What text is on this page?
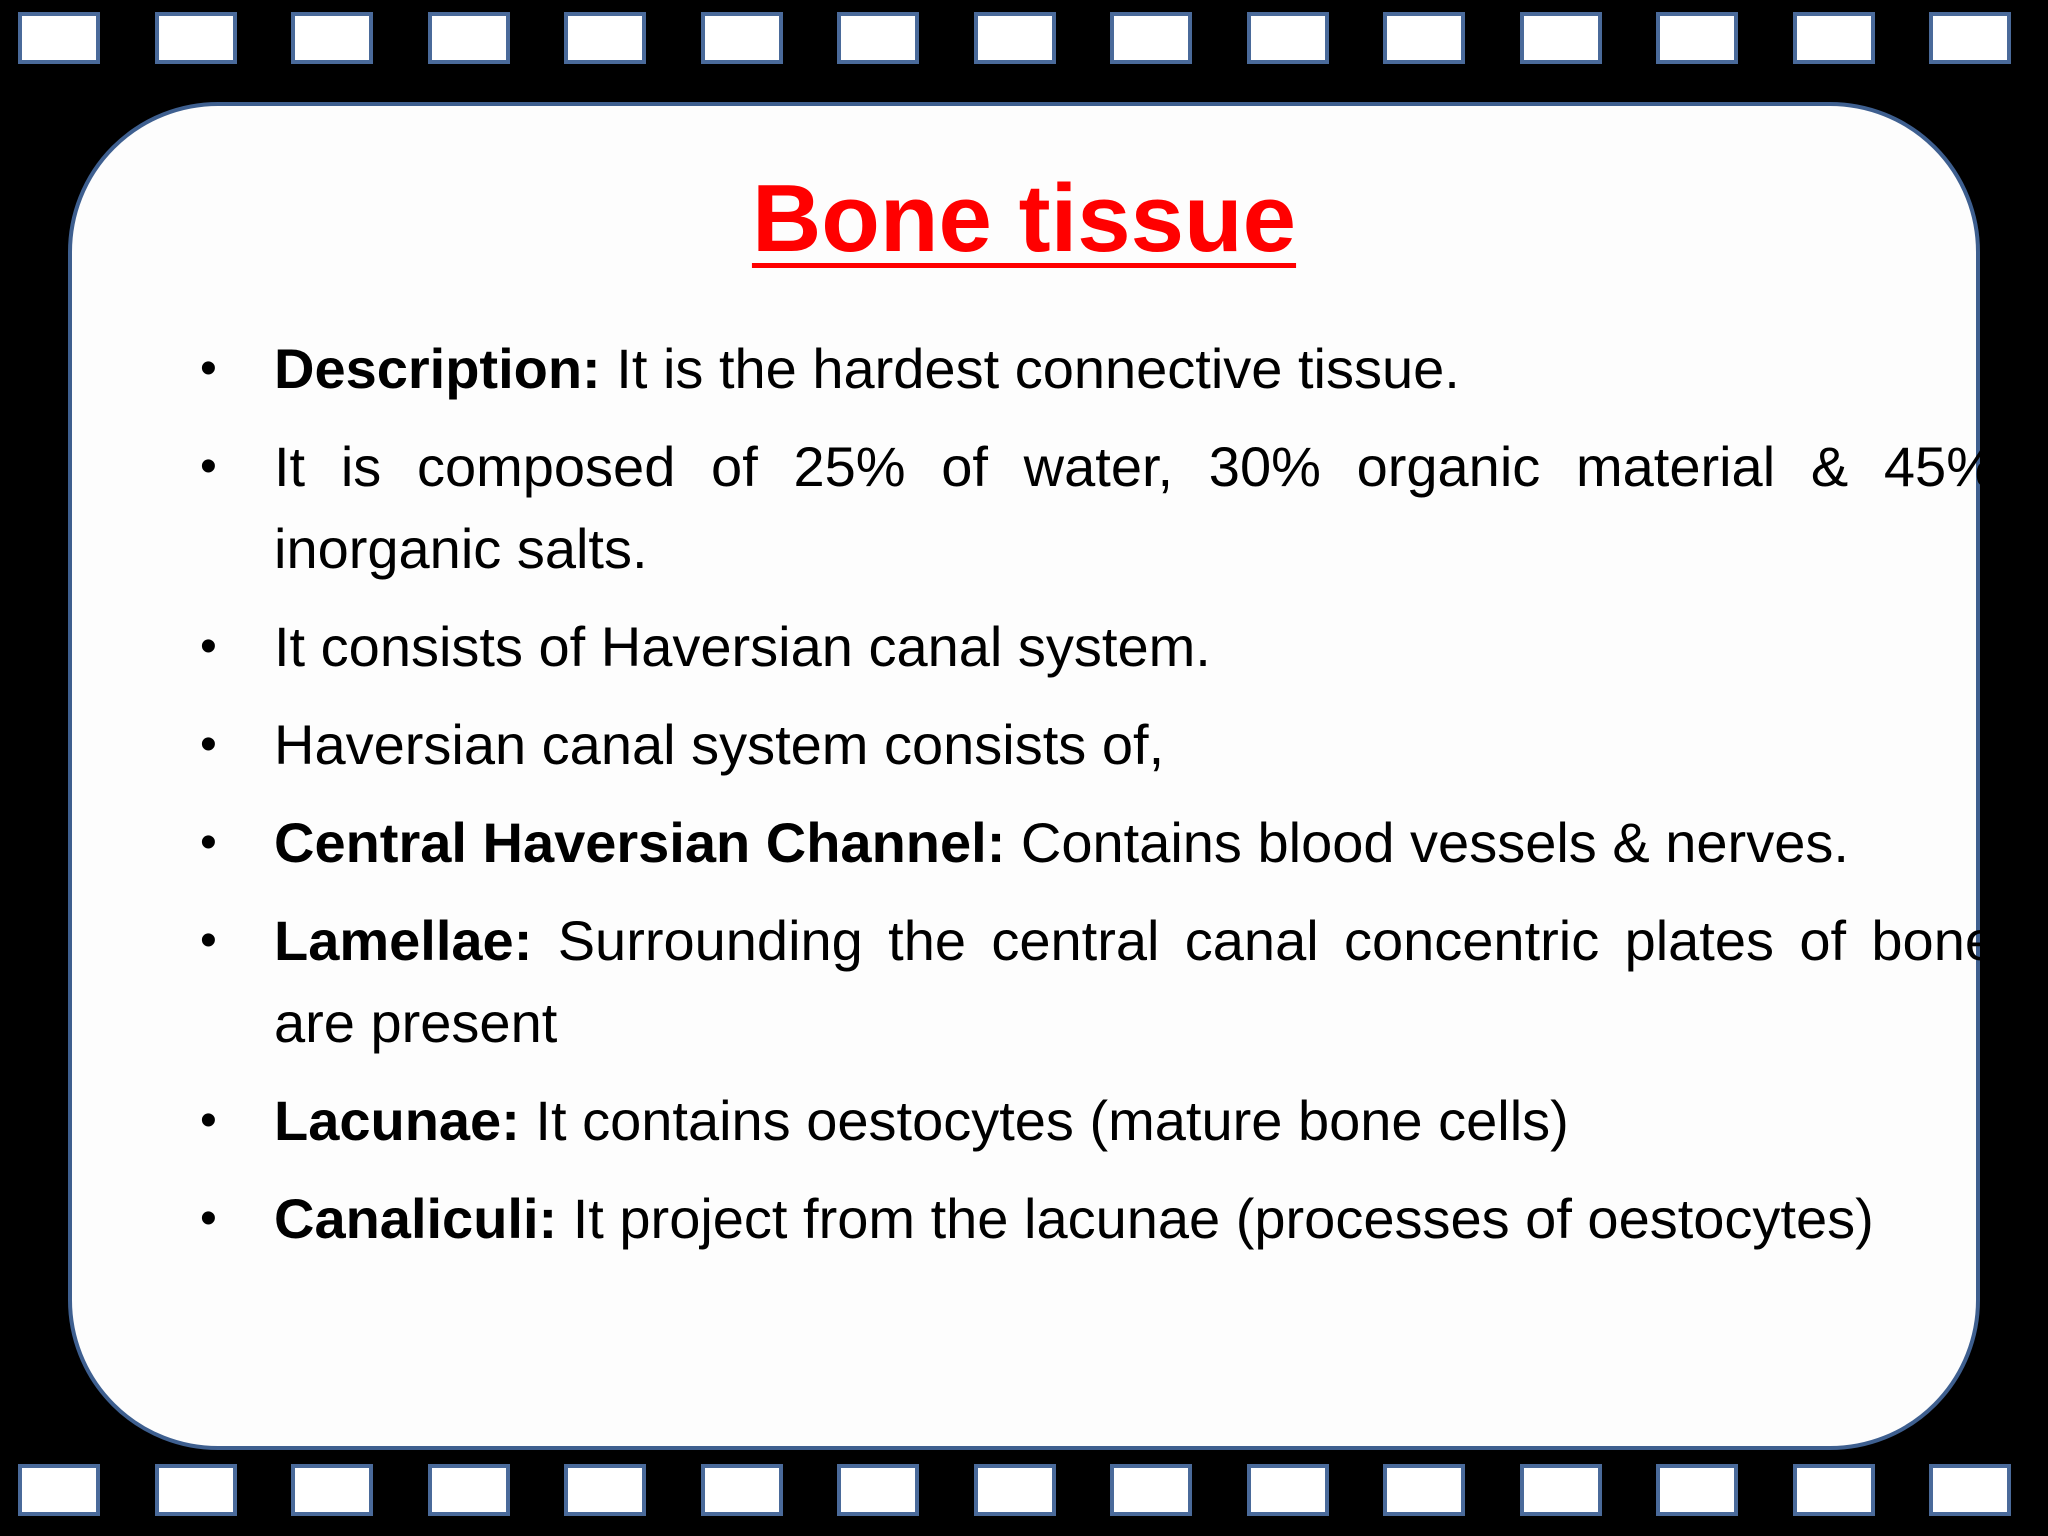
Bone tissue
• Description: It is the hardest connective tissue.
• It is composed of 25% of water, 30% organic material & 45% inorganic salts.
• It consists of Haversian canal system.
• Haversian canal system consists of,
• Central Haversian Channel: Contains blood vessels & nerves.
• Lamellae: Surrounding the central canal concentric plates of bone are present
• Lacunae: It contains oestocytes (mature bone cells)
• Canaliculi: It project from the lacunae (processes of oestocytes)
